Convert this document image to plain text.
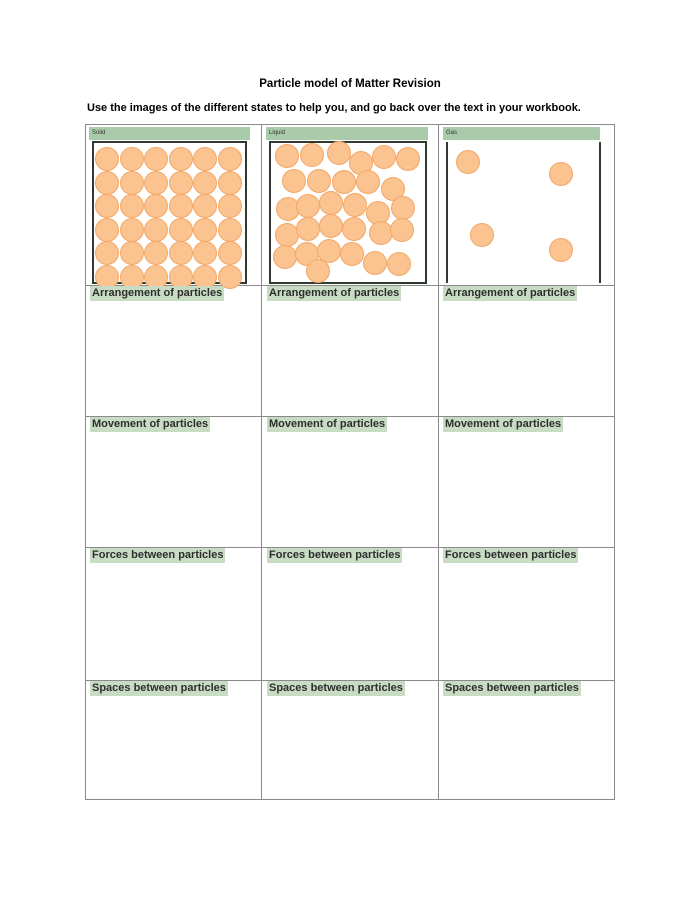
Particle model of Matter Revision
Use the images of the different states to help you, and go back over the text in your workbook.
Solid	Liquid	Gas
Arrangement of particles	Arrangement of particles	Arrangement of particles
Movement of particles	Movement of particles	Movement of particles
Forces between particles	Forces between particles	Forces between particles
Spaces between particles	Spaces between particles	Spaces between particles
